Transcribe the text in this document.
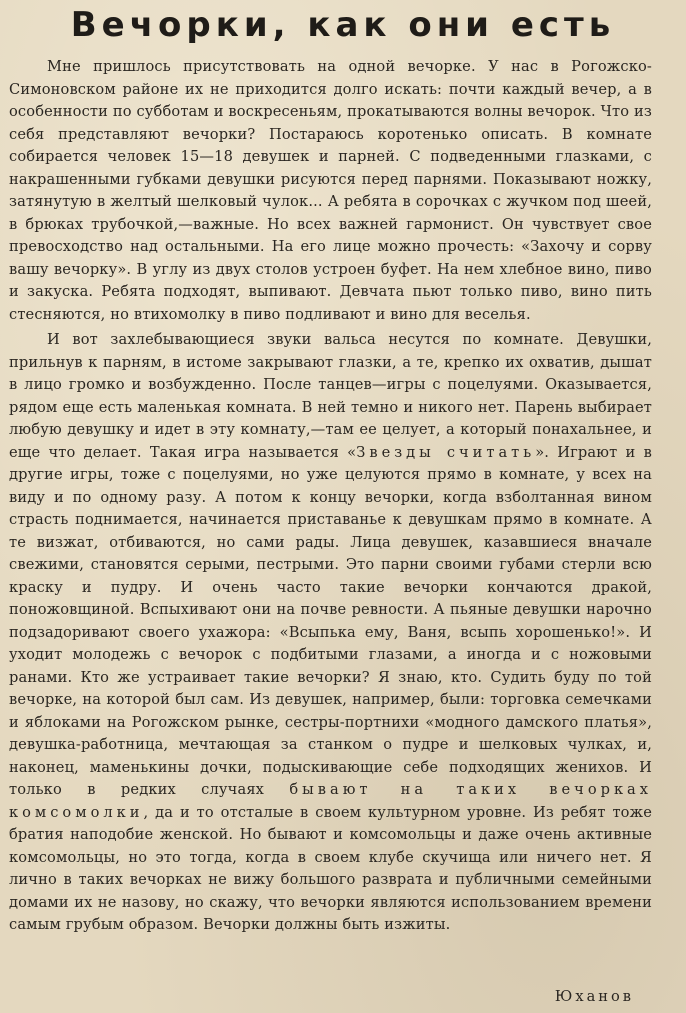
Вечорки, как они есть

Мне пришлось присутствовать на одной вечорке. У нас в Рогожско-Симоновском районе их не приходится долго искать: почти каждый вечер, а в особенности по субботам и воскресеньям, прокатываются волны вечорок. Что из себя представляют вечорки? Постараюсь коротенько описать. В комнате собирается человек 15—18 девушек и парней. С подведенными глазками, с накрашенными губками девушки рисуются перед парнями. Показывают ножку, затянутую в желтый шелковый чулок... А ребята в сорочках с жучком под шеей, в брюках трубочкой,—важные. Но всех важней гармонист. Он чувствует свое превосходство над остальными. На его лице можно прочесть: «Захочу и сорву вашу вечорку». В углу из двух столов устроен буфет. На нем хлебное вино, пиво и закуска. Ребята подходят, выпивают. Девчата пьют только пиво, вино пить стесняются, но втихомолку в пиво подливают и вино для веселья.

И вот захлебывающиеся звуки вальса несутся по комнате. Девушки, прильнув к парням, в истоме закрывают глазки, а те, крепко их охватив, дышат в лицо громко и возбужденно. После танцев—игры с поцелуями. Оказывается, рядом еще есть маленькая комната. В ней темно и никого нет. Парень выбирает любую девушку и идет в эту комнату,—там ее целует, а который понахальнее, и еще что делает. Такая игра называется «Звезды считать». Играют и в другие игры, тоже с поцелуями, но уже целуются прямо в комнате, у всех на виду и по одному разу. А потом к концу вечорки, когда взболтанная вином страсть поднимается, начинается приставанье к девушкам прямо в комнате. А те визжат, отбиваются, но сами рады. Лица девушек, казавшиеся вначале свежими, становятся серыми, пестрыми. Это парни своими губами стерли всю краску и пудру. И очень часто такие вечорки кончаются дракой, поножовщиной. Вспыхивают они на почве ревности. А пьяные девушки нарочно подзадоривают своего ухажора: «Всыпька ему, Ваня, всыпь хорошенько!». И уходит молодежь с вечорок с подбитыми глазами, а иногда и с ножовыми ранами. Кто же устраивает такие вечорки? Я знаю, кто. Судить буду по той вечорке, на которой был сам. Из девушек, например, были: торговка семечками и яблоками на Рогожском рынке, сестры-портнихи «модного дамского платья», девушка-работница, мечтающая за станком о пудре и шелковых чулках, и, наконец, маменькины дочки, подыскивающие себе подходящих женихов. И только в редких случаях бывают на таких вечорках комсомолки, да и то отсталые в своем культурном уровне. Из ребят тоже братия наподобие женской. Но бывают и комсомольцы и даже очень активные комсомольцы, но это тогда, когда в своем клубе скучища или ничего нет. Я лично в таких вечорках не вижу большого разврата и публичными семейными домами их не назову, но скажу, что вечорки являются использованием времени самым грубым образом. Вечорки должны быть изжиты.

Юханов
